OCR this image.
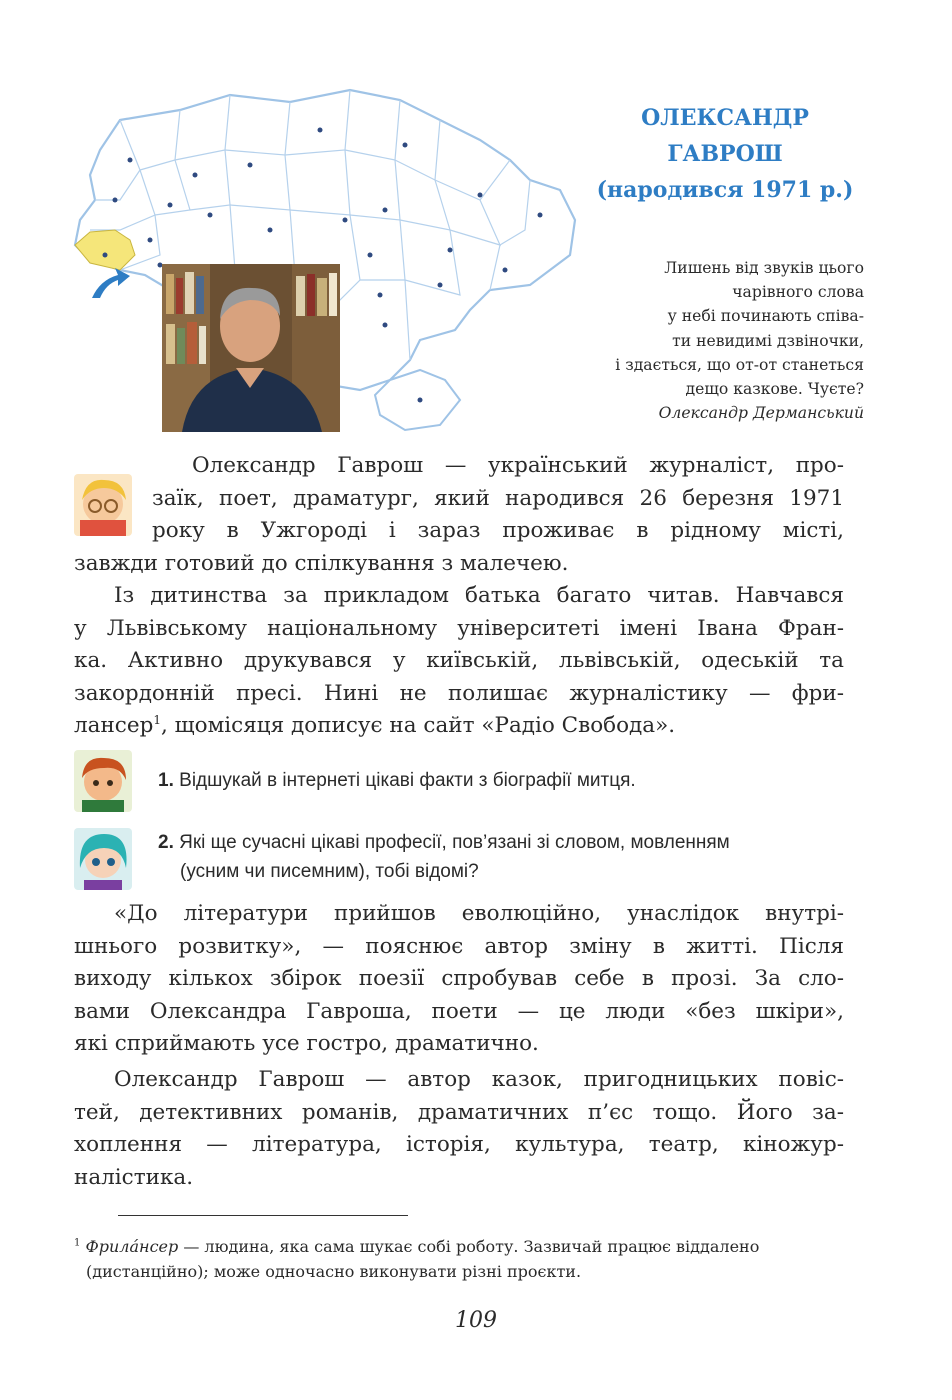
ОЛЕКСАНДР
ГАВРОШ
(народився 1971 р.)
Лишень від звуків цього
чарівного слова
у небі починають співа-
ти невидимі дзвіночки,
і здається, що от-от станеться
дещо казкове. Чуєте?
Олександр Дерманський
Олександр Гаврош — український журналіст, про-
заїк, поет, драматург, який народився 26 березня 1971
року в Ужгороді і зараз проживає в рідному місті,
завжди готовий до спілкування з малечею.
Із дитинства за прикладом батька багато читав. Навчався
у Львівському національному університеті імені Івана Фран-
ка. Активно друкувався у київській, львівській, одеській та
закордонній пресі. Нині не полишає журналістику — фри-
лансер$^1$, щомісяця дописує на сайт «Радіо Свобода».
1. Відшукай в інтернеті цікаві факти з біографії митця.
2. Які ще сучасні цікаві професії, пов’язані зі словом, мовленням
(усним чи писемним), тобі відомі?
«До літератури прийшов еволюційно, унаслідок внутрі-
шнього розвитку», — пояснює автор зміну в житті. Після
виходу кількох збірок поезії спробував себе в прозі. За сло-
вами Олександра Гавроша, поети — це люди «без шкіри»,
які сприймають усе гостро, драматично.
Олександр Гаврош — автор казок, пригодницьких повіс-
тей, детективних романів, драматичних п’єс тощо. Його за-
хоплення — література, історія, культура, театр, кіножур-
налістика.
$^1$ Фрила́нсер — людина, яка сама шукає собі роботу. Зазвичай працює віддалено
(дистанційно); може одночасно виконувати різні проєкти.
109
